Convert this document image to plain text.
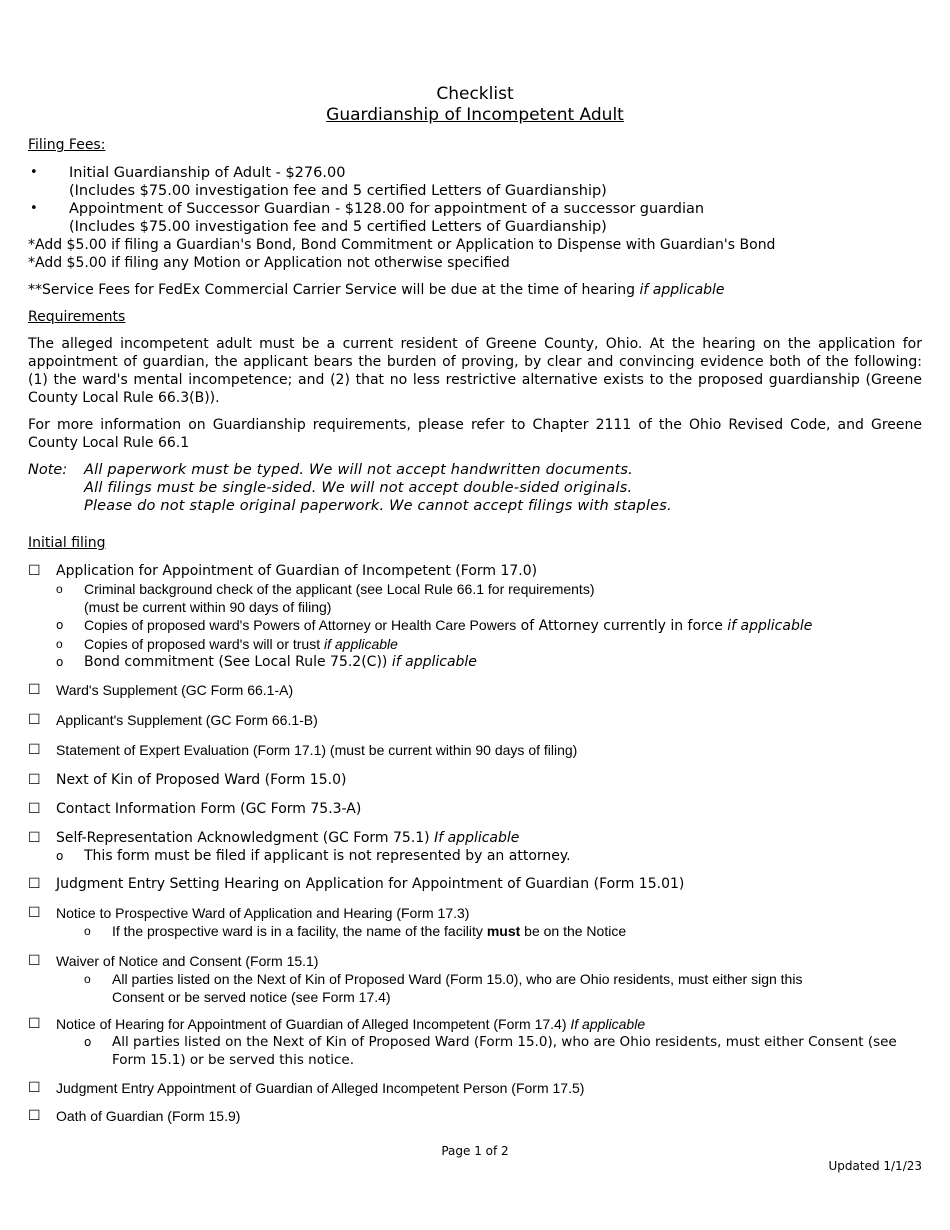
Checklist
Guardianship of Incompetent Adult
Filing Fees:
• Initial Guardianship of Adult - $276.00
(Includes $75.00 investigation fee and 5 certified Letters of Guardianship)
• Appointment of Successor Guardian - $128.00 for appointment of a successor guardian
(Includes $75.00 investigation fee and 5 certified Letters of Guardianship)
*Add $5.00 if filing a Guardian's Bond, Bond Commitment or Application to Dispense with Guardian's Bond
*Add $5.00 if filing any Motion or Application not otherwise specified
**Service Fees for FedEx Commercial Carrier Service will be due at the time of hearing if applicable
Requirements
The alleged incompetent adult must be a current resident of Greene County, Ohio. At the hearing on the application for appointment of guardian, the applicant bears the burden of proving, by clear and convincing evidence both of the following: (1) the ward's mental incompetence; and (2) that no less restrictive alternative exists to the proposed guardianship (Greene County Local Rule 66.3(B)).
For more information on Guardianship requirements, please refer to Chapter 2111 of the Ohio Revised Code, and Greene County Local Rule 66.1
Note: All paperwork must be typed. We will not accept handwritten documents.
All filings must be single-sided. We will not accept double-sided originals.
Please do not staple original paperwork. We cannot accept filings with staples.
Initial filing
☐ Application for Appointment of Guardian of Incompetent (Form 17.0)
o Criminal background check of the applicant (see Local Rule 66.1 for requirements)
(must be current within 90 days of filing)
o Copies of proposed ward's Powers of Attorney or Health Care Powers of Attorney currently in force if applicable
o Copies of proposed ward's will or trust if applicable
o Bond commitment (See Local Rule 75.2(C)) if applicable
☐ Ward's Supplement (GC Form 66.1-A)
☐ Applicant's Supplement (GC Form 66.1-B)
☐ Statement of Expert Evaluation (Form 17.1) (must be current within 90 days of filing)
☐ Next of Kin of Proposed Ward (Form 15.0)
☐ Contact Information Form (GC Form 75.3-A)
☐ Self-Representation Acknowledgment (GC Form 75.1) If applicable
o This form must be filed if applicant is not represented by an attorney.
☐ Judgment Entry Setting Hearing on Application for Appointment of Guardian (Form 15.01)
☐ Notice to Prospective Ward of Application and Hearing (Form 17.3)
o If the prospective ward is in a facility, the name of the facility must be on the Notice
☐ Waiver of Notice and Consent (Form 15.1)
o All parties listed on the Next of Kin of Proposed Ward (Form 15.0), who are Ohio residents, must either sign this
Consent or be served notice (see Form 17.4)
☐ Notice of Hearing for Appointment of Guardian of Alleged Incompetent (Form 17.4) If applicable
o All parties listed on the Next of Kin of Proposed Ward (Form 15.0), who are Ohio residents, must either Consent (see
Form 15.1) or be served this notice.
☐ Judgment Entry Appointment of Guardian of Alleged Incompetent Person (Form 17.5)
☐ Oath of Guardian (Form 15.9)
Page 1 of 2
Updated 1/1/23
